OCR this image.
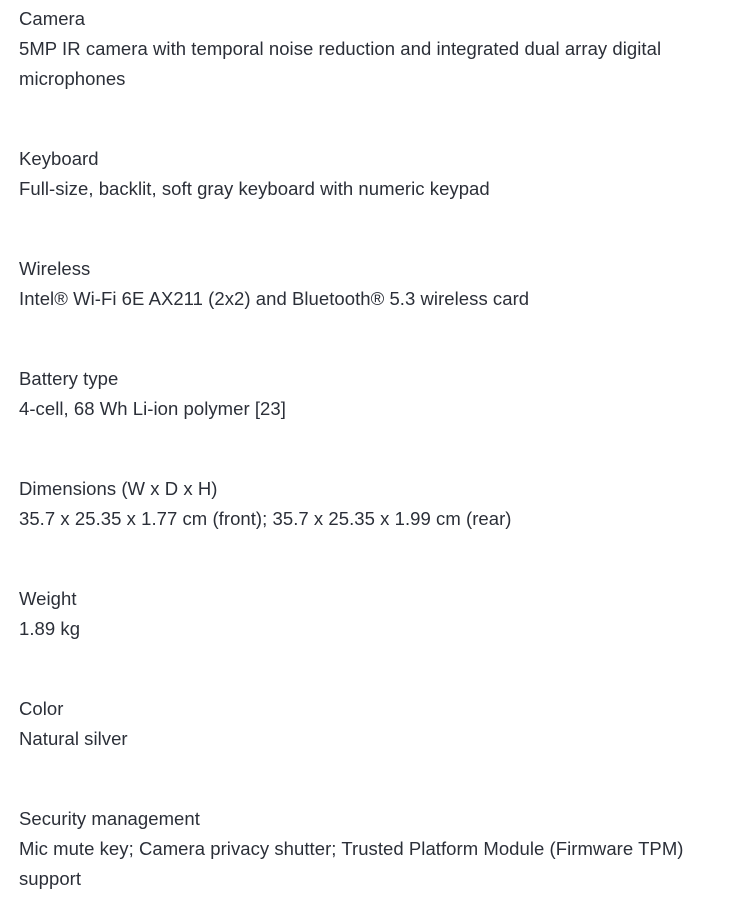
Camera
5MP IR camera with temporal noise reduction and integrated dual array digital microphones
Keyboard
Full-size, backlit, soft gray keyboard with numeric keypad
Wireless
Intel® Wi-Fi 6E AX211 (2x2) and Bluetooth® 5.3 wireless card
Battery type
4-cell, 68 Wh Li-ion polymer [23]
Dimensions (W x D x H)
35.7 x 25.35 x 1.77 cm (front); 35.7 x 25.35 x 1.99 cm (rear)
Weight
1.89 kg
Color
Natural silver
Security management
Mic mute key; Camera privacy shutter; Trusted Platform Module (Firmware TPM) support
